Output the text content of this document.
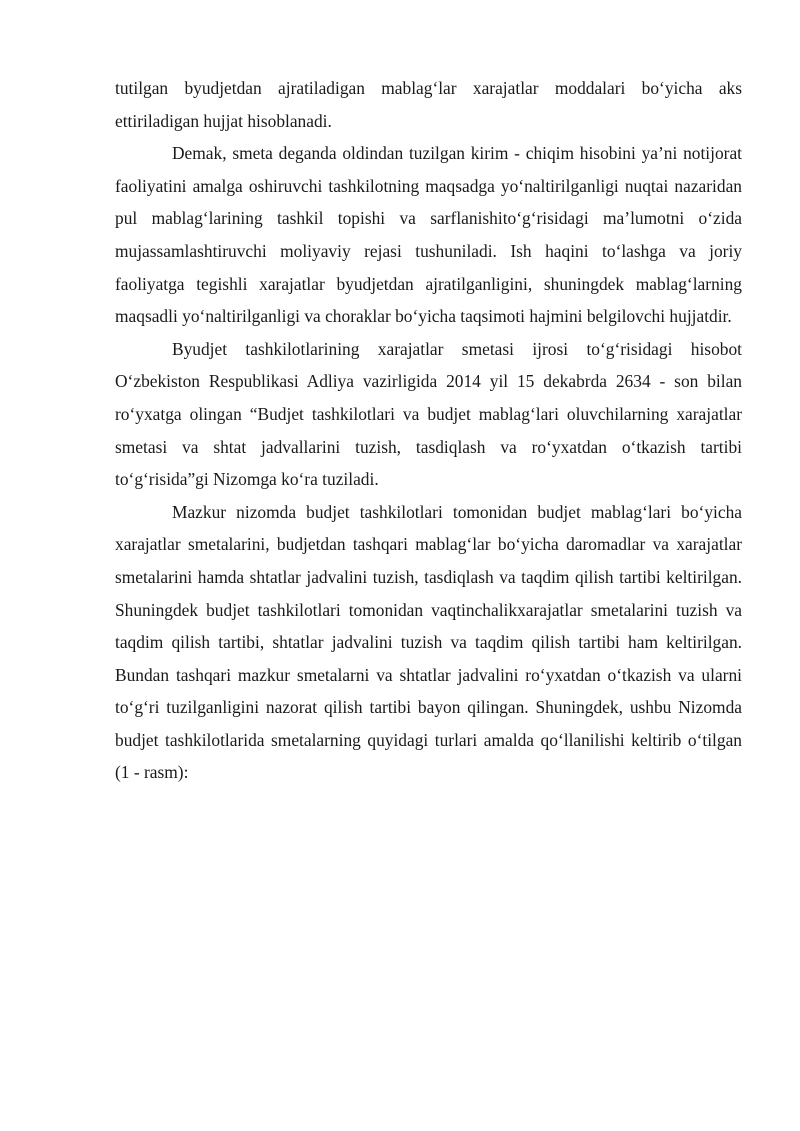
tutilgan byudjetdan ajratiladigan mablag‘lar xarajatlar moddalari bo‘yicha aks ettiriladigan hujjat hisoblanadi.

Demak, smeta deganda oldindan tuzilgan kirim - chiqim hisobini ya’ni notijorat faoliyatini amalga oshiruvchi tashkilotning maqsadga yo‘naltirilganligi nuqtai nazaridan pul mablag‘larining tashkil topishi va sarflanishito‘g‘risidagi ma’lumotni o‘zida mujassamlashtiruvchi moliyaviy rejasi tushuniladi. Ish haqini to‘lashga va joriy faoliyatga tegishli xarajatlar byudjetdan ajratilganligini, shuningdek mablag‘larning maqsadli yo‘naltirilganligi va choraklar bo‘yicha taqsimoti hajmini belgilovchi hujjatdir.

Byudjet tashkilotlarining xarajatlar smetasi ijrosi to‘g‘risidagi hisobot O‘zbekiston Respublikasi Adliya vazirligida 2014 yil 15 dekabrda 2634 - son bilan ro‘yxatga olingan “Budjet tashkilotlari va budjet mablag‘lari oluvchilarning xarajatlar smetasi va shtat jadvallarini tuzish, tasdiqlash va ro‘yxatdan o‘tkazish tartibi to‘g‘risida”gi Nizomga ko‘ra tuziladi.

Mazkur nizomda budjet tashkilotlari tomonidan budjet mablag‘lari bo‘yicha xarajatlar smetalarini, budjetdan tashqari mablag‘lar bo‘yicha daromadlar va xarajatlar smetalarini hamda shtatlar jadvalini tuzish, tasdiqlash va taqdim qilish tartibi keltirilgan. Shuningdek budjet tashkilotlari tomonidan vaqtinchalikxarajatlar smetalarini tuzish va taqdim qilish tartibi, shtatlar jadvalini tuzish va taqdim qilish tartibi ham keltirilgan. Bundan tashqari mazkur smetalarni va shtatlar jadvalini ro‘yxatdan o‘tkazish va ularni to‘g‘ri tuzilganligini nazorat qilish tartibi bayon qilingan. Shuningdek, ushbu Nizomda budjet tashkilotlarida smetalarning quyidagi turlari amalda qo‘llanilishi keltirib o‘tilgan (1 - rasm):
